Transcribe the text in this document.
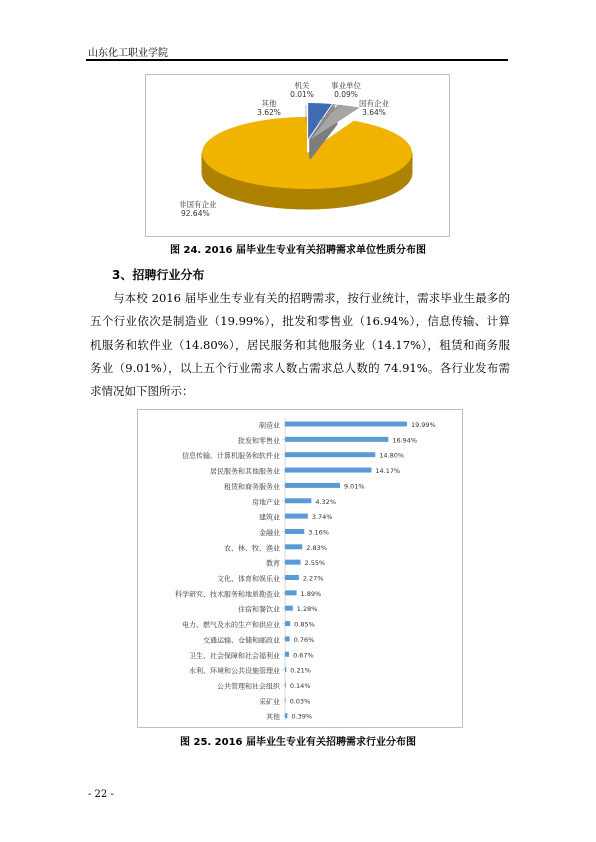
山东化工职业学院
非国有企业
92.64%
其他
3.62%
机关
0.01%
事业单位
0.09%
国有企业
3.64%
图 24. 2016 届毕业生专业有关招聘需求单位性质分布图
3、招聘行业分布

与本校 2016 届毕业生专业有关的招聘需求，按行业统计，需求毕业生最多的五个行业依次是制造业（19.99%），批发和零售业（16.94%），信息传输、计算机服务和软件业（14.80%），居民服务和其他服务业（14.17%），租赁和商务服务业（9.01%），以上五个行业需求人数占需求总人数的 74.91%。各行业发布需求情况如下图所示：

制造业	19.99%
批发和零售业	16.94%
信息传输、计算机服务和软件业	14.80%
居民服务和其他服务业	14.17%
租赁和商务服务业	9.01%
房地产业	4.32%
建筑业	3.74%
金融业	3.16%
农、林、牧、渔业	2.83%
教育	2.55%
文化、体育和娱乐业	2.27%
科学研究、技术服务和地质勘查业	1.89%
住宿和餐饮业	1.28%
电力、燃气及水的生产和供应业 0.85%
交通运输、仓储和邮政业 0.76%
卫生、社会保障和社会福利业 0.67%
水利、环境和公共设施管理业 0.21%
公共管理和社会组织 0.14%
采矿业 0.03%
其他 0.39%
图 25. 2016 届毕业生专业有关招聘需求行业分布图
- 22 -
